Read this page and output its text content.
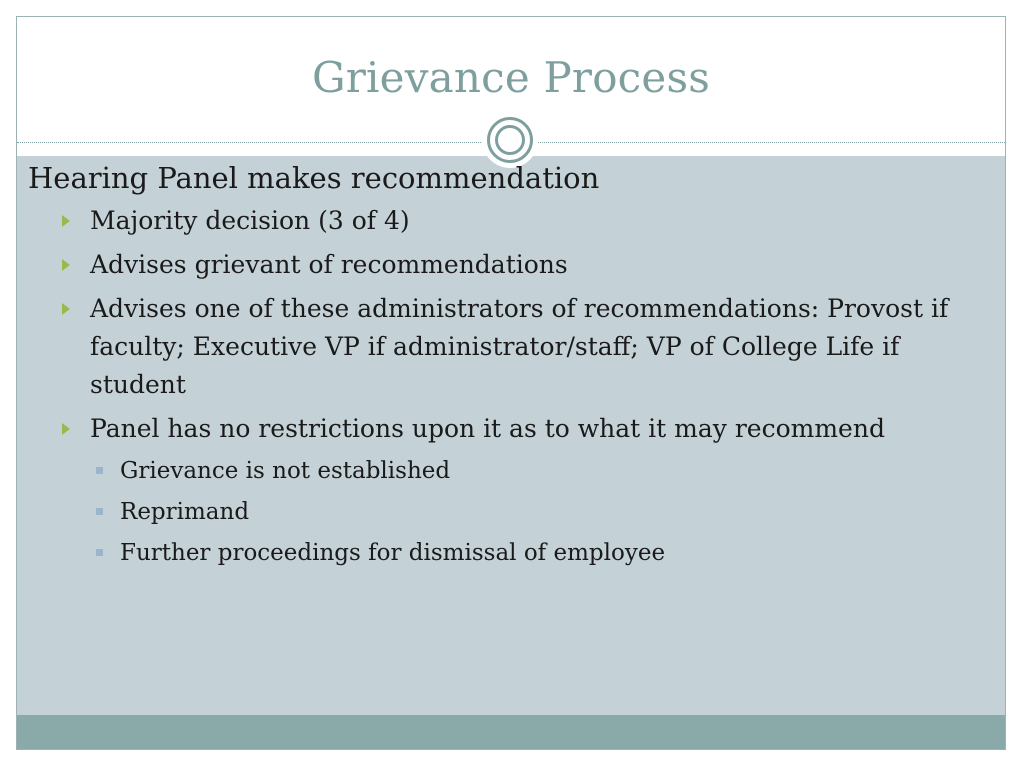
Grievance Process
Hearing Panel makes recommendation
Majority decision (3 of 4)
Advises grievant of recommendations
Advises one of these administrators of recommendations: Provost if faculty; Executive VP if administrator/staff; VP of College Life if student
Panel has no restrictions upon it as to what it may recommend
Grievance is not established
Reprimand
Further proceedings for dismissal of employee
